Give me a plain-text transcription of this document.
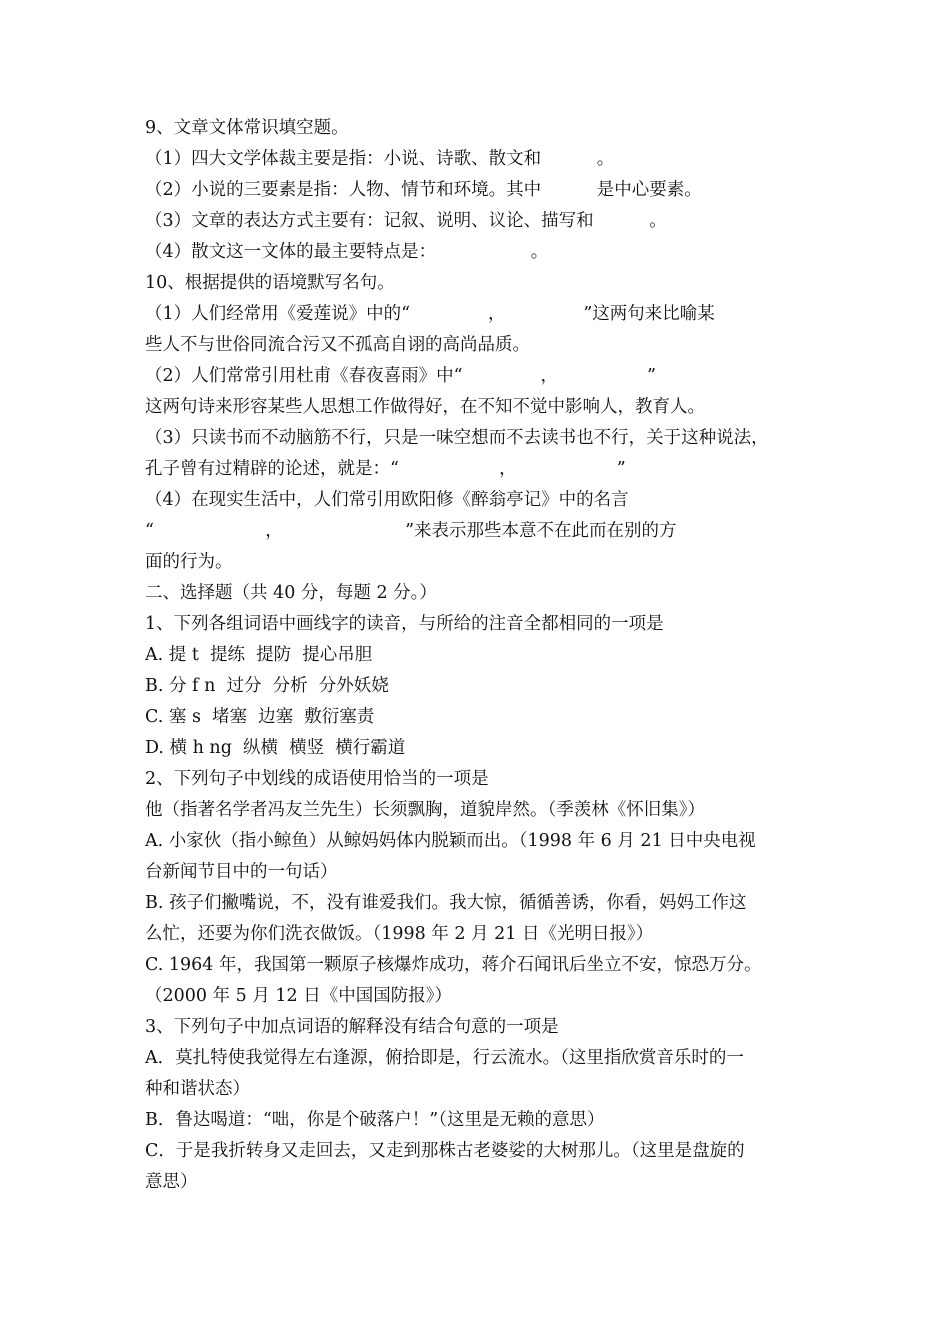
9、文章文体常识填空题。
（1）四大文学体裁主要是指：小说、诗歌、散文和          。
（2）小说的三要素是指：人物、情节和环境。其中          是中心要素。
（3）文章的表达方式主要有：记叙、说明、议论、描写和          。
（4）散文这一文体的最主要特点是：                 。
10、根据提供的语境默写名句。
（1）人们经常用《爱莲说》中的“              ，              ”这两句来比喻某
些人不与世俗同流合污又不孤高自诩的高尚品质。
（2）人们常常引用杜甫《春夜喜雨》中“              ，                ”
这两句诗来形容某些人思想工作做得好，在不知不觉中影响人，教育人。
（3）只读书而不动脑筋不行，只是一味空想而不去读书也不行，关于这种说法，
孔子曾有过精辟的论述，就是：“                  ，                  ”
（4）在现实生活中，人们常引用欧阳修《醉翁亭记》中的名言
“                    ，                      ”来表示那些本意不在此而在别的方
面的行为。
二、选择题（共 40 分，每题 2 分。）
1、下列各组词语中画线字的读音，与所给的注音全都相同的一项是
A. 提 t  提练  提防  提心吊胆
B. 分 f n  过分  分析  分外妖娆
C. 塞 s  堵塞  边塞  敷衍塞责
D. 横 h ng  纵横  横竖  横行霸道
2、下列句子中划线的成语使用恰当的一项是
他（指著名学者冯友兰先生）长须飘胸，道貌岸然。（季羡林《怀旧集》）
A. 小家伙（指小鲸鱼）从鲸妈妈体内脱颖而出。（1998 年 6 月 21 日中央电视
台新闻节目中的一句话）
B. 孩子们撇嘴说，不，没有谁爱我们。我大惊，循循善诱，你看，妈妈工作这
么忙，还要为你们洗衣做饭。（1998 年 2 月 21 日《光明日报》）
C. 1964 年，我国第一颗原子核爆炸成功，蒋介石闻讯后坐立不安，惊恐万分。
（2000 年 5 月 12 日《中国国防报》）
3、下列句子中加点词语的解释没有结合句意的一项是
A．莫扎特使我觉得左右逢源，俯拾即是，行云流水。（这里指欣赏音乐时的一
种和谐状态）
B．鲁达喝道：“咄，你是个破落户！”（这里是无赖的意思）
C．于是我折转身又走回去，又走到那株古老婆娑的大树那儿。（这里是盘旋的
意思）
